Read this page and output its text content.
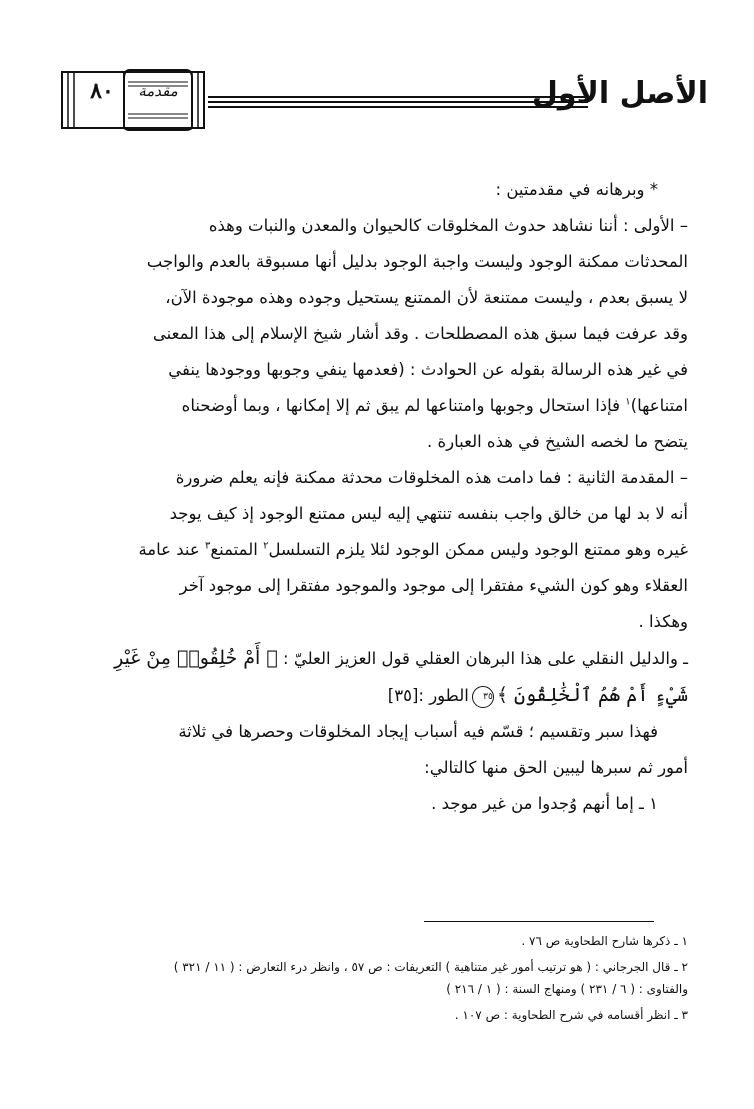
٨٠	مقدمة	الأصل الأول

* وبرهانه في مقدمتين :

– الأولى : أننا نشاهد حدوث المخلوقات كالحيوان والمعدن والنبات وهذه

المحدثات ممكنة الوجود وليست واجبة الوجود بدليل أنها مسبوقة بالعدم والواجب

لا يسبق بعدم ، وليست ممتنعة لأن الممتنع يستحيل وجوده وهذه موجودة الآن،

وقد عرفت فيما سبق هذه المصطلحات . وقد أشار شيخ الإسلام إلى هذا المعنى

في غير هذه الرسالة بقوله عن الحوادث : (فعدمها ينفي وجوبها ووجودها ينفي

امتناعها)$^١$ فإذا استحال وجوبها وامتناعها لم يبق ثم إلا إمكانها ، وبما أوضحناه

يتضح ما لخصه الشيخ في هذه العبارة .

– المقدمة الثانية : فما دامت هذه المخلوقات محدثة ممكنة فإنه يعلم ضرورة

أنه لا بد لها من خالق واجب بنفسه تنتهي إليه ليس ممتنع الوجود إذ كيف يوجد

غيره وهو ممتنع الوجود وليس ممكن الوجود لئلا يلزم التسلسل$^٢$ المتمنع$^٣$ عند عامة

العقلاء وهو كون الشيء مفتقرا إلى موجود والموجود مفتقرا إلى موجود آخر

وهكذا .

ـ والدليل النقلي على هذا البرهان العقلي قول العزيز العليّ : ﴿ أَمْ خُلِقُوا۟ مِنْ غَيْرِ

شَيْءٍ أَمْ هُمُ ٱلْخَٰلِقُونَ ﴾٣٥الطور :[٣٥]

فهذا سبر وتقسيم ؛ قسّم فيه أسباب إيجاد المخلوقات وحصرها في ثلاثة

أمور ثم سبرها ليبين الحق منها كالتالي:

١ ـ إما أنهم وُجدوا من غير موجد .

١ ـ ذكرها شارح الطحاوية ص ٧٦ .

٢ ـ قال الجرجاني : ( هو ترتيب أمور غير متناهية ) التعريفات : ص ٥٧ ، وانظر درء التعارض : ( ١١ / ٣٢١ )
والفتاوى : ( ٦ / ٢٣١ ) ومنهاج السنة : ( ١ / ٢١٦ )

٣ ـ انظر أقسامه في شرح الطحاوية : ص ١٠٧ .
